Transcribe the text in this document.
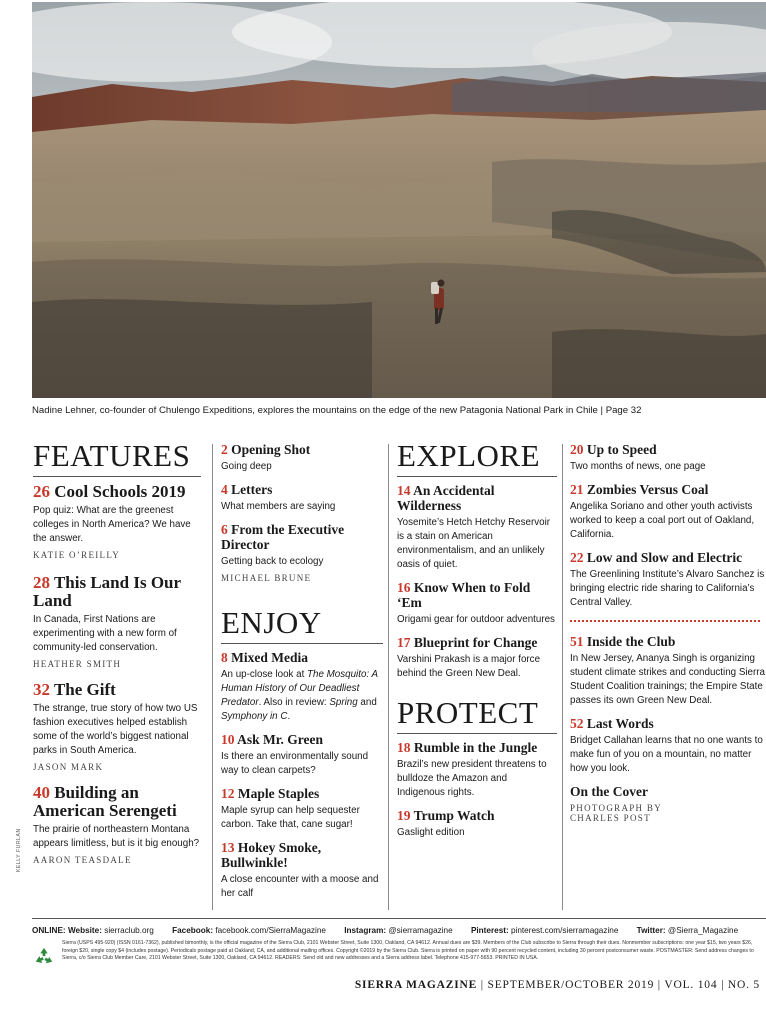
Nadine Lehner, co-founder of Chulengo Expeditions, explores the mountains on the edge of the new Patagonia National Park in Chile | Page 32
FEATURES
26 Cool Schools 2019
Pop quiz: What are the greenest colleges in North America? We have the answer.
KATIE O’REILLY
28 This Land Is Our Land
In Canada, First Nations are experimenting with a new form of community-led conservation.
HEATHER SMITH
32 The Gift
The strange, true story of how two US fashion executives helped establish some of the world’s biggest national parks in South America.
JASON MARK
40 Building an American Serengeti
The prairie of northeastern Montana appears limitless, but is it big enough?
AARON TEASDALE
2 Opening Shot
Going deep
4 Letters
What members are saying
6 From the Executive Director
Getting back to ecology
MICHAEL BRUNE
ENJOY
8 Mixed Media
An up-close look at The Mosquito: A Human History of Our Deadliest Predator. Also in review: Spring and Symphony in C.
10 Ask Mr. Green
Is there an environmentally sound way to clean carpets?
12 Maple Staples
Maple syrup can help sequester carbon. Take that, cane sugar!
13 Hokey Smoke, Bullwinkle!
A close encounter with a moose and her calf
EXPLORE
14 An Accidental Wilderness
Yosemite’s Hetch Hetchy Reservoir is a stain on American environmentalism, and an unlikely oasis of quiet.
16 Know When to Fold ‘Em
Origami gear for outdoor adventures
17 Blueprint for Change
Varshini Prakash is a major force behind the Green New Deal.
PROTECT
18 Rumble in the Jungle
Brazil’s new president threatens to bulldoze the Amazon and Indigenous rights.
19 Trump Watch
Gaslight edition
20 Up to Speed
Two months of news, one page
21 Zombies Versus Coal
Angelika Soriano and other youth activists worked to keep a coal port out of Oakland, California.
22 Low and Slow and Electric
The Greenlining Institute’s Alvaro Sanchez is bringing electric ride sharing to California’s Central Valley.
51 Inside the Club
In New Jersey, Ananya Singh is organizing student climate strikes and conducting Sierra Student Coalition trainings; the Empire State passes its own Green New Deal.
52 Last Words
Bridget Callahan learns that no one wants to make fun of you on a mountain, no matter how you look.
On the Cover
PHOTOGRAPH BY CHARLES POST
KELLY FURLAN
ONLINE: Website: sierraclub.org Facebook: facebook.com/SierraMagazine Instagram: @sierramagazine Pinterest: pinterest.com/sierramagazine Twitter: @Sierra_Magazine
Sierra (USPS 495-920) (ISSN 0161-7362), published bimonthly, is the official magazine of the Sierra Club, 2101 Webster Street, Suite 1300, Oakland, CA 94612. Annual dues are $39. Members of the Club subscribe to Sierra through their dues. Nonmember subscriptions: one year $15, two years $26, foreign $20, single copy $4 (includes postage). Periodicals postage paid at Oakland, CA, and additional mailing offices. Copyright ©2019 by the Sierra Club. Sierra is printed on paper with 90 percent recycled content, including 30 percent postconsumer waste. POSTMASTER: Send address changes to Sierra, c/o Sierra Club Member Care, 2101 Webster Street, Suite 1300, Oakland, CA 94612. READERS: Send old and new addresses and a Sierra address label. Telephone 415-977-5653. PRINTED IN USA.
SIERRA MAGAZINE | SEPTEMBER/OCTOBER 2019 | VOL. 104 | NO. 5
